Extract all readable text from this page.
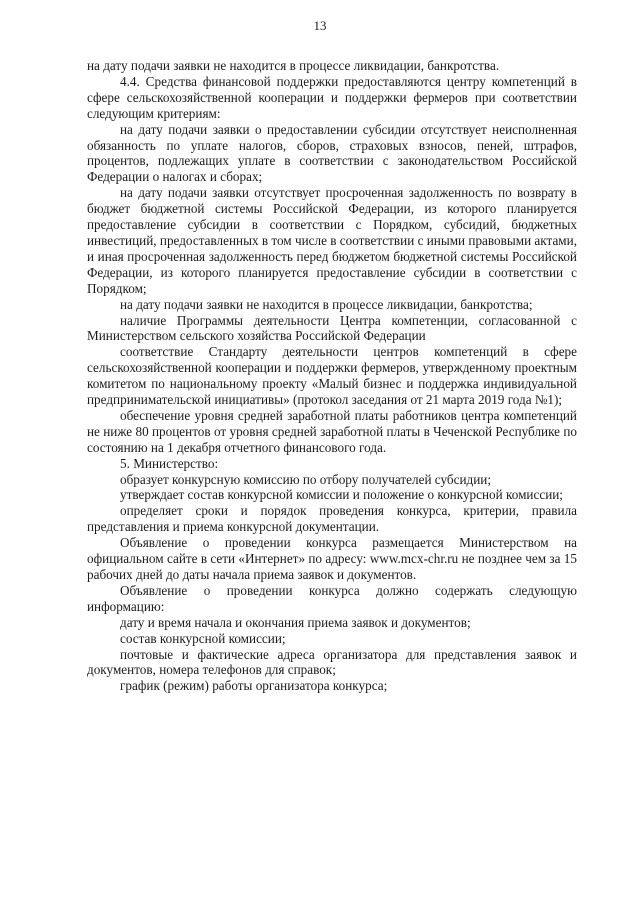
13

на дату подачи заявки не находится в процессе ликвидации, банкротства.

4.4. Средства финансовой поддержки предоставляются центру компетенций в сфере сельскохозяйственной кооперации и поддержки фермеров при соответствии следующим критериям:

на дату подачи заявки о предоставлении субсидии отсутствует неисполненная обязанность по уплате налогов, сборов, страховых взносов, пеней, штрафов, процентов, подлежащих уплате в соответствии с законодательством Российской Федерации о налогах и сборах;

на дату подачи заявки отсутствует просроченная задолженность по возврату в бюджет бюджетной системы Российской Федерации, из которого планируется предоставление субсидии в соответствии с Порядком, субсидий, бюджетных инвестиций, предоставленных в том числе в соответствии с иными правовыми актами, и иная просроченная задолженность перед бюджетом бюджетной системы Российской Федерации, из которого планируется предоставление субсидии в соответствии с Порядком;

на дату подачи заявки не находится в процессе ликвидации, банкротства;

наличие Программы деятельности Центра компетенции, согласованной с Министерством сельского хозяйства Российской Федерации

соответствие Стандарту деятельности центров компетенций в сфере сельскохозяйственной кооперации и поддержки фермеров, утвержденному проектным комитетом по национальному проекту «Малый бизнес и поддержка индивидуальной предпринимательской инициативы» (протокол заседания от 21 марта 2019 года №1);

обеспечение уровня средней заработной платы работников центра компетенций не ниже 80 процентов от уровня средней заработной платы в Чеченской Республике по состоянию на 1 декабря отчетного финансового года.

5. Министерство:

образует конкурсную комиссию по отбору получателей субсидии;

утверждает состав конкурсной комиссии и положение о конкурсной комиссии;

определяет сроки и порядок проведения конкурса, критерии, правила представления и приема конкурсной документации.

Объявление о проведении конкурса размещается Министерством на официальном сайте в сети «Интернет» по адресу: www.mcx-chr.ru не позднее чем за 15 рабочих дней до даты начала приема заявок и документов.

Объявление о проведении конкурса должно содержать следующую информацию:

дату и время начала и окончания приема заявок и документов;

состав конкурсной комиссии;

почтовые и фактические адреса организатора для представления заявок и документов, номера телефонов для справок;

график (режим) работы организатора конкурса;
